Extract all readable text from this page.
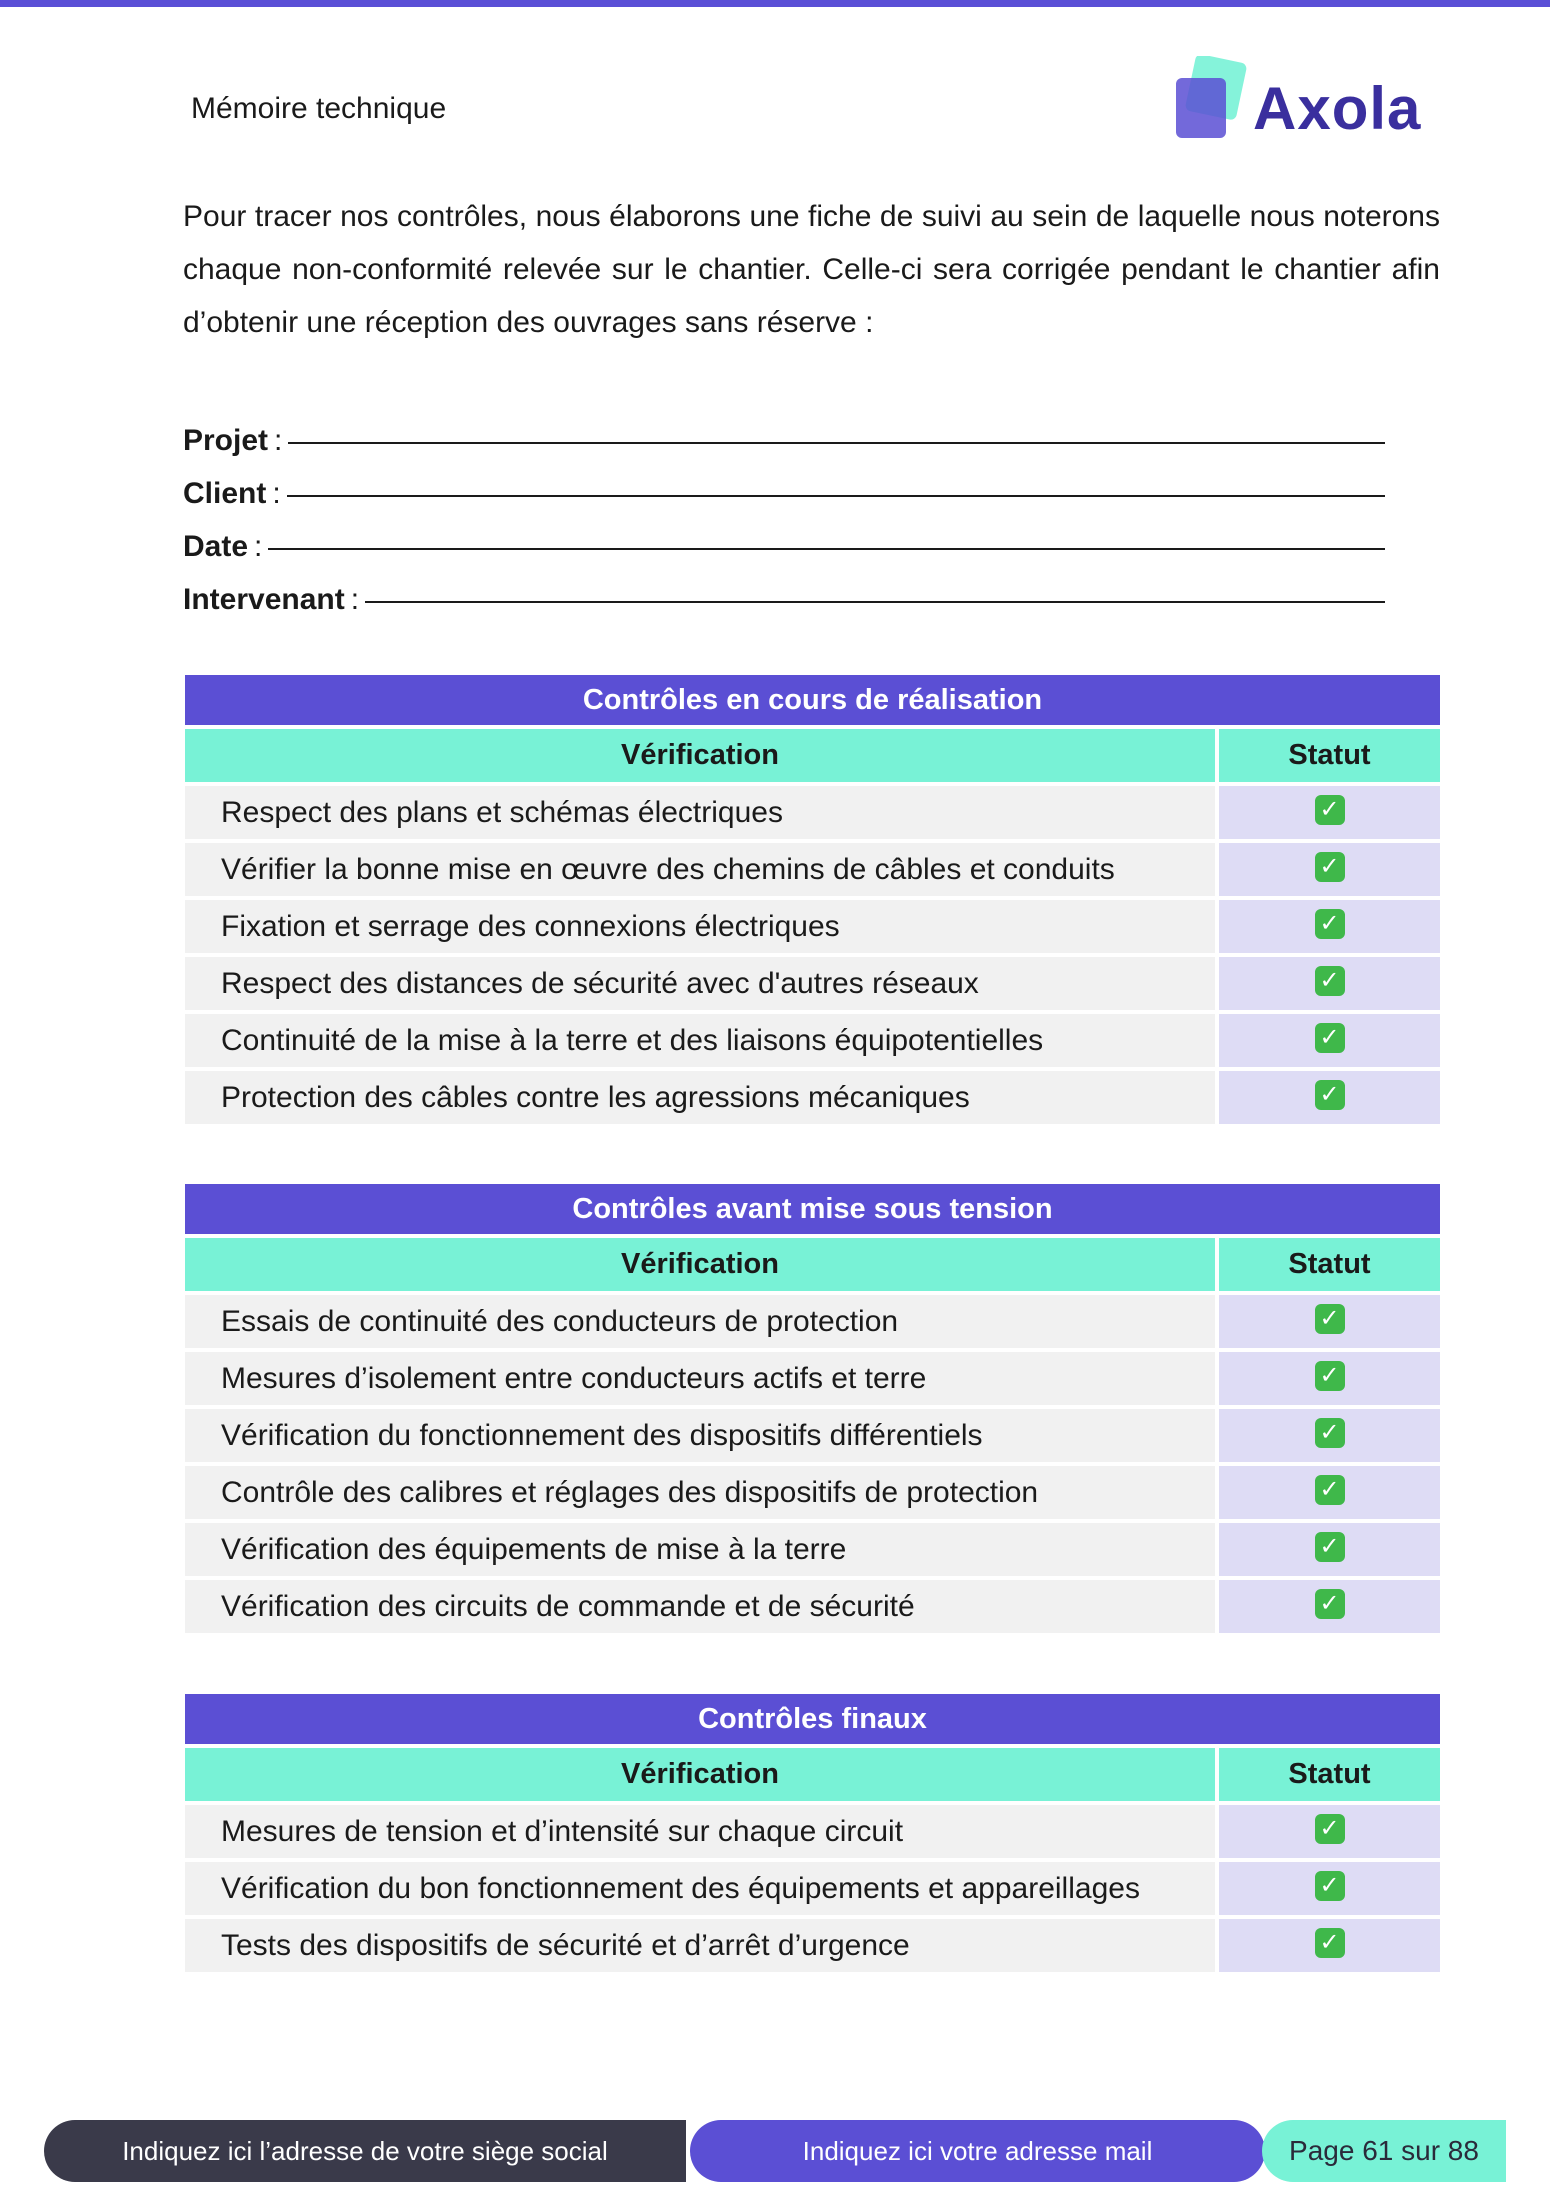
Mémoire technique	Axola
Pour tracer nos contrôles, nous élaborons une fiche de suivi au sein de laquelle nous noterons chaque non-conformité relevée sur le chantier. Celle-ci sera corrigée pendant le chantier afin d’obtenir une réception des ouvrages sans réserve :
Projet :
Client :
Date :
Intervenant :
Contrôles en cours de réalisation
Vérification	Statut
Respect des plans et schémas électriques	✓
Vérifier la bonne mise en œuvre des chemins de câbles et conduits	✓
Fixation et serrage des connexions électriques	✓
Respect des distances de sécurité avec d'autres réseaux	✓
Continuité de la mise à la terre et des liaisons équipotentielles	✓
Protection des câbles contre les agressions mécaniques	✓
Contrôles avant mise sous tension
Vérification	Statut
Essais de continuité des conducteurs de protection	✓
Mesures d’isolement entre conducteurs actifs et terre	✓
Vérification du fonctionnement des dispositifs différentiels	✓
Contrôle des calibres et réglages des dispositifs de protection	✓
Vérification des équipements de mise à la terre	✓
Vérification des circuits de commande et de sécurité	✓
Contrôles finaux
Vérification	Statut
Mesures de tension et d’intensité sur chaque circuit	✓
Vérification du bon fonctionnement des équipements et appareillages	✓
Tests des dispositifs de sécurité et d’arrêt d’urgence	✓
Indiquez ici l’adresse de votre siège social	Indiquez ici votre adresse mail	Page 61 sur 88
